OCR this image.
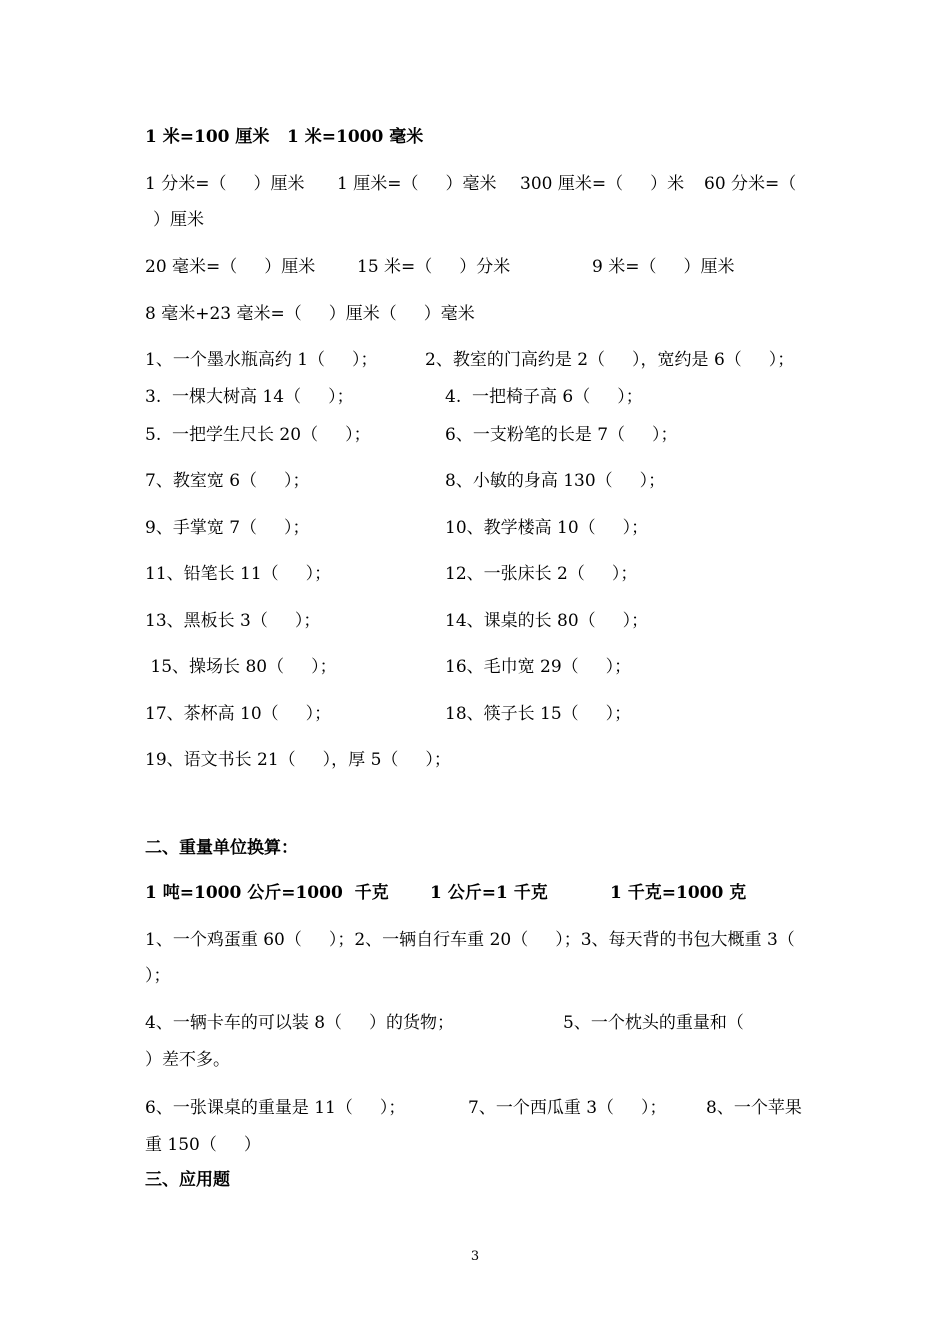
1 米=100 厘米 1 米=1000 毫米
1 分米=（     ）厘米 1 厘米=（     ）毫米 300 厘米=（     ）米 60 分米=（
）厘米
20 毫米=（     ）厘米 15 米=（     ）分米	9 米=（     ）厘米
8 毫米+23 毫米=（     ）厘米（     ）毫米
1、一个墨水瓶高约 1（     ）；	2、教室的门高约是 2（     ），宽约是 6（     ）；
3.  一棵大树高 14（     ）；	4.  一把椅子高 6（     ）；
5.  一把学生尺长 20（     ）；	6、一支粉笔的长是 7（     ）；
7、教室宽 6（     ）；	8、小敏的身高 130（     ）；
9、手掌宽 7（     ）；	10、教学楼高 10（     ）；
11、铅笔长 11（     ）；	12、一张床长 2（     ）；
13、黑板长 3（     ）；	14、课桌的长 80（     ）；
15、操场长 80（     ）；	16、毛巾宽 29（     ）；
17、茶杯高 10（     ）；	18、筷子长 15（     ）；
19、语文书长 21（     ），厚 5（     ）；
二、重量单位换算：
1 吨=1000 公斤=1000  千克 1 公斤=1 千克	1 千克=1000 克
1、一个鸡蛋重 60（     ）；2、一辆自行车重 20（     ）；3、每天背的书包大概重 3（
）；
4、一辆卡车的可以装 8（     ）的货物；	5、一个枕头的重量和（
）差不多。
6、一张课桌的重量是 11（     ）；	7、一个西瓜重 3（     ）； 8、一个苹果
重 150（     ）
三、应用题
3
